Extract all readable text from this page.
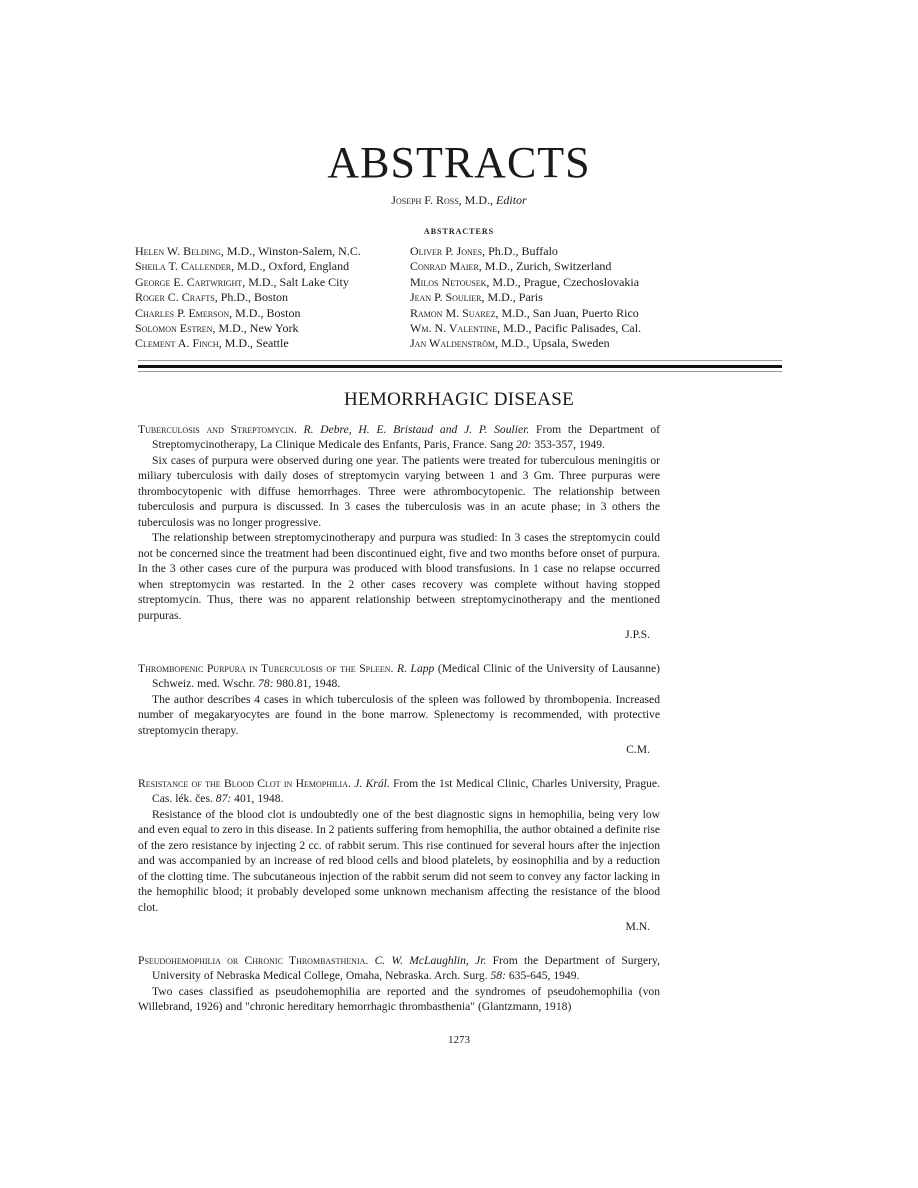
ABSTRACTS
Joseph F. Ross, M.D., Editor
ABSTRACTERS
Helen W. Belding, M.D., Winston-Salem, N.C.
Sheila T. Callender, M.D., Oxford, England
George E. Cartwright, M.D., Salt Lake City
Roger C. Crafts, Ph.D., Boston
Charles P. Emerson, M.D., Boston
Solomon Estren, M.D., New York
Clement A. Finch, M.D., Seattle
Oliver P. Jones, Ph.D., Buffalo
Conrad Maier, M.D., Zurich, Switzerland
Milos Netousek, M.D., Prague, Czechoslovakia
Jean P. Soulier, M.D., Paris
Ramon M. Suarez, M.D., San Juan, Puerto Rico
Wm. N. Valentine, M.D., Pacific Palisades, Cal.
Jan Waldenström, M.D., Upsala, Sweden
HEMORRHAGIC DISEASE
Tuberculosis and Streptomycin. R. Debre, H. E. Bristaud and J. P. Soulier. From the Department of Streptomycinotherapy, La Clinique Medicale des Enfants, Paris, France. Sang 20: 353-357, 1949.

Six cases of purpura were observed during one year. The patients were treated for tuberculous meningitis or miliary tuberculosis with daily doses of streptomycin varying between 1 and 3 Gm. Three purpuras were thrombocytopenic with diffuse hemorrhages. Three were athrombocytopenic. The relationship between tuberculosis and purpura is discussed. In 3 cases the tuberculosis was in an acute phase; in 3 others the tuberculosis was no longer progressive.

The relationship between streptomycinotherapy and purpura was studied: In 3 cases the streptomycin could not be concerned since the treatment had been discontinued eight, five and two months before onset of purpura. In the 3 other cases cure of the purpura was produced with blood transfusions. In 1 case no relapse occurred when streptomycin was restarted. In the 2 other cases recovery was complete without having stopped streptomycin. Thus, there was no apparent relationship between streptomycinotherapy and the mentioned purpuras.

J.P.S.
Thrombopenic Purpura in Tuberculosis of the Spleen. R. Lapp (Medical Clinic of the University of Lausanne) Schweiz. med. Wschr. 78: 980.81, 1948.

The author describes 4 cases in which tuberculosis of the spleen was followed by thrombopenia. Increased number of megakaryocytes are found in the bone marrow. Splenectomy is recommended, with protective streptomycin therapy.

C.M.
Resistance of the Blood Clot in Hemophilia. J. Král. From the 1st Medical Clinic, Charles University, Prague. Cas. lék. čes. 87: 401, 1948.

Resistance of the blood clot is undoubtedly one of the best diagnostic signs in hemophilia, being very low and even equal to zero in this disease. In 2 patients suffering from hemophilia, the author obtained a definite rise of the zero resistance by injecting 2 cc. of rabbit serum. This rise continued for several hours after the injection and was accompanied by an increase of red blood cells and blood platelets, by eosinophilia and by a reduction of the clotting time. The subcutaneous injection of the rabbit serum did not seem to convey any factor lacking in the hemophilic blood; it probably developed some unknown mechanism affecting the resistance of the blood clot.

M.N.
Pseudohemophilia or Chronic Thrombasthenia. C. W. McLaughlin, Jr. From the Department of Surgery, University of Nebraska Medical College, Omaha, Nebraska. Arch. Surg. 58: 635-645, 1949.

Two cases classified as pseudohemophilia are reported and the syndromes of pseudohemophilia (von Willebrand, 1926) and "chronic hereditary hemorrhagic thrombasthenia" (Glantzmann, 1918)

1273
